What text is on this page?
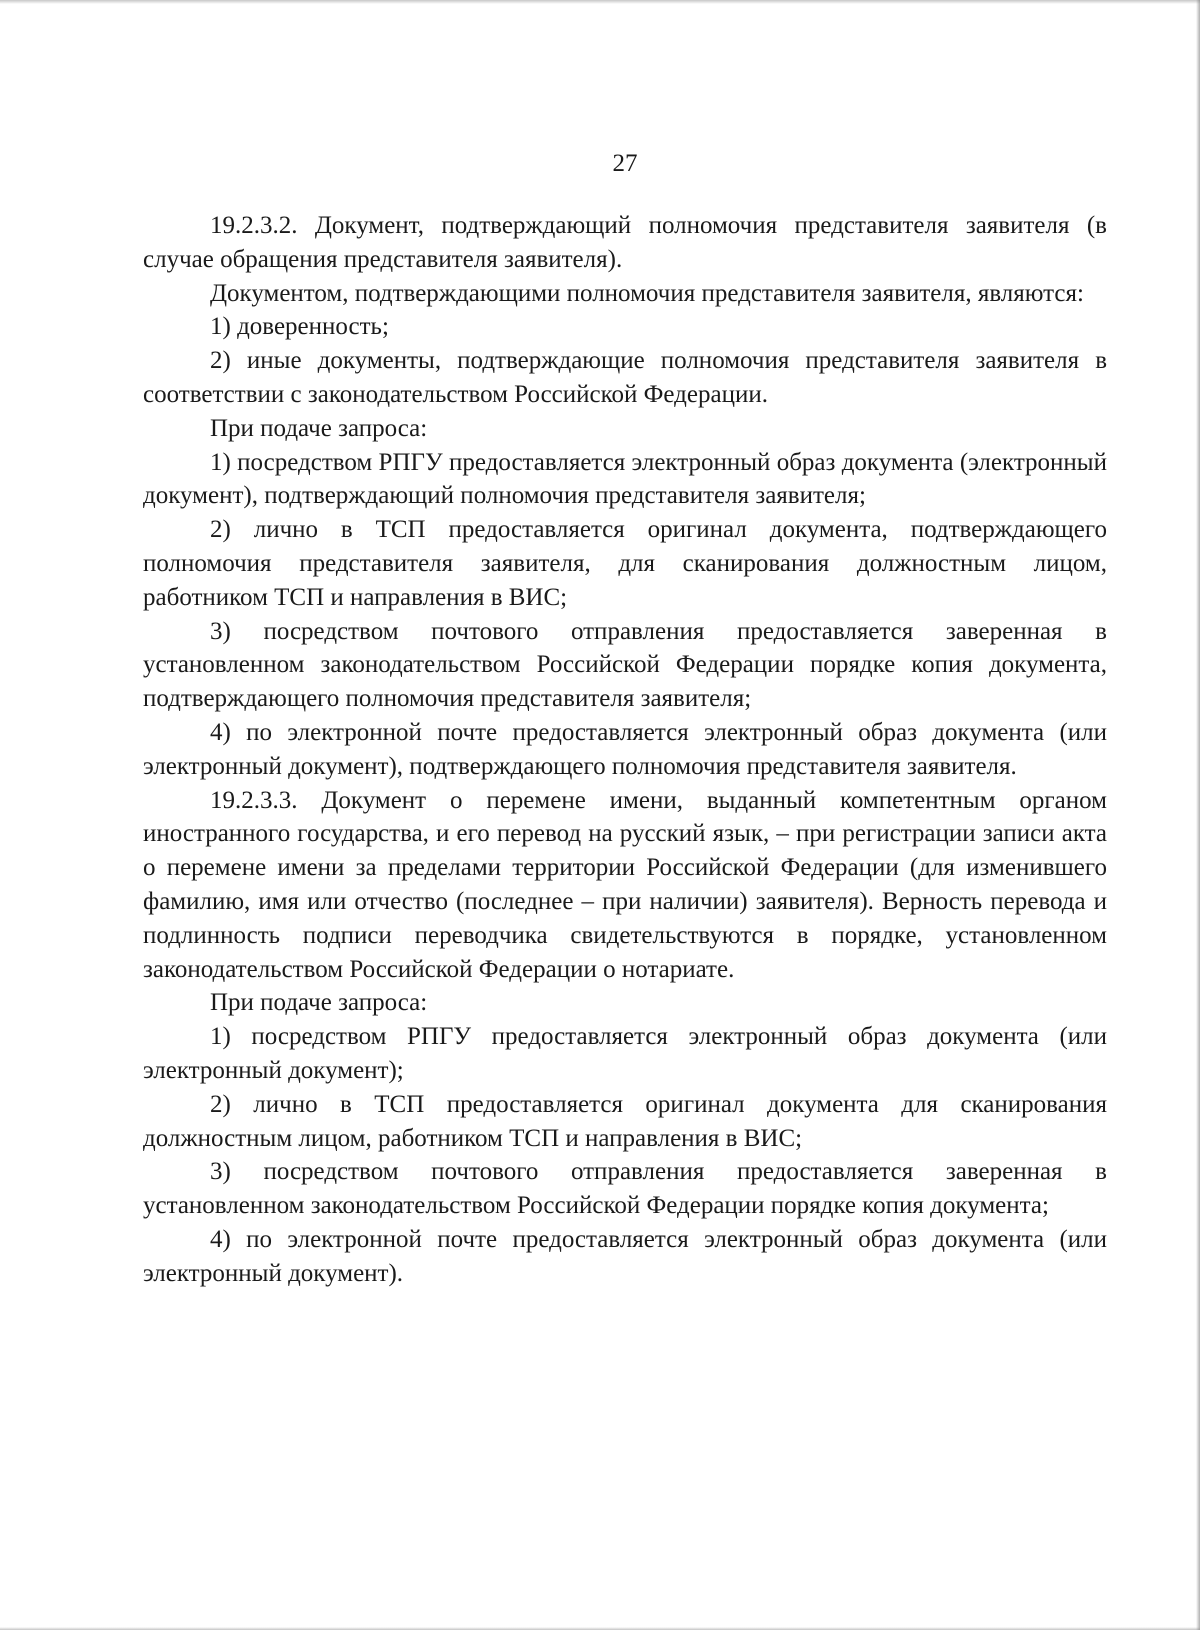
27

19.2.3.2. Документ, подтверждающий полномочия представителя заявителя (в случае обращения представителя заявителя).

Документом, подтверждающими полномочия представителя заявителя, являются:

1) доверенность;

2) иные документы, подтверждающие полномочия представителя заявителя в соответствии с законодательством Российской Федерации.

При подаче запроса:

1) посредством РПГУ предоставляется электронный образ документа (электронный документ), подтверждающий полномочия представителя заявителя;

2) лично в ТСП предоставляется оригинал документа, подтверждающего полномочия представителя заявителя, для сканирования должностным лицом, работником ТСП и направления в ВИС;

3) посредством почтового отправления предоставляется заверенная в установленном законодательством Российской Федерации порядке копия документа, подтверждающего полномочия представителя заявителя;

4) по электронной почте предоставляется электронный образ документа (или электронный документ), подтверждающего полномочия представителя заявителя.

19.2.3.3. Документ о перемене имени, выданный компетентным органом иностранного государства, и его перевод на русский язык, – при регистрации записи акта о перемене имени за пределами территории Российской Федерации (для изменившего фамилию, имя или отчество (последнее – при наличии) заявителя). Верность перевода и подлинность подписи переводчика свидетельствуются в порядке, установленном законодательством Российской Федерации о нотариате.

При подаче запроса:

1) посредством РПГУ предоставляется электронный образ документа (или электронный документ);

2) лично в ТСП предоставляется оригинал документа для сканирования должностным лицом, работником ТСП и направления в ВИС;

3) посредством почтового отправления предоставляется заверенная в установленном законодательством Российской Федерации порядке копия документа;

4) по электронной почте предоставляется электронный образ документа (или электронный документ).
